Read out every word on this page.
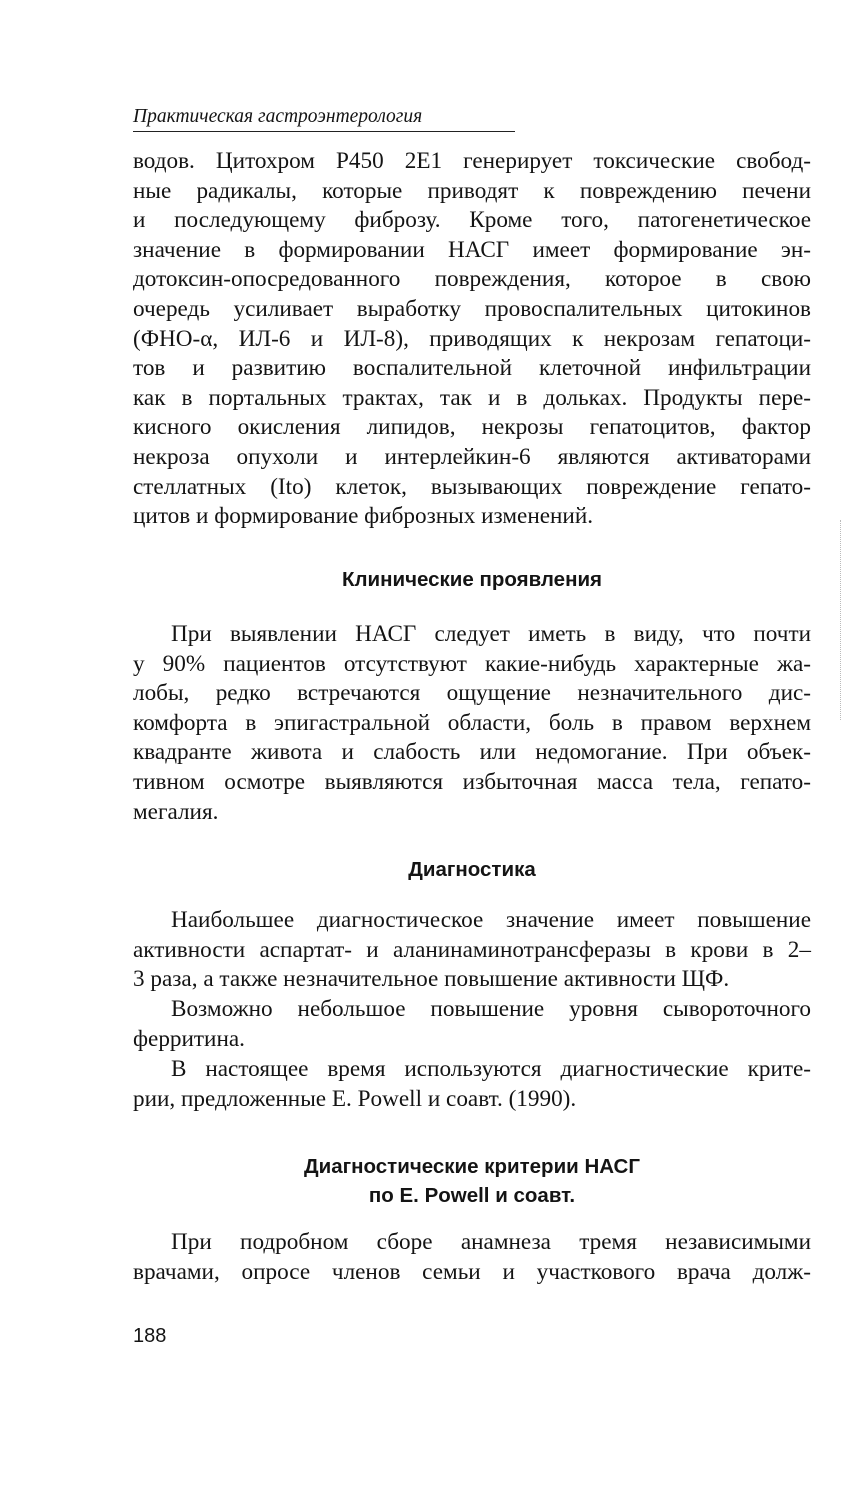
Практическая гастроэнтерология
водов. Цитохром Р450 2Е1 генерирует токсические свобод-
ные радикалы, которые приводят к повреждению печени
и последующему фиброзу. Кроме того, патогенетическое
значение в формировании НАСГ имеет формирование эн-
дотоксин-опосредованного повреждения, которое в свою
очередь усиливает выработку провоспалительных цитокинов
(ФНО-α, ИЛ-6 и ИЛ-8), приводящих к некрозам гепатоци-
тов и развитию воспалительной клеточной инфильтрации
как в портальных трактах, так и в дольках. Продукты пере-
кисного окисления липидов, некрозы гепатоцитов, фактор
некроза опухоли и интерлейкин-6 являются активаторами
стеллатных (Ito) клеток, вызывающих повреждение гепато-
цитов и формирование фиброзных изменений.
Клинические проявления
При выявлении НАСГ следует иметь в виду, что почти
у 90% пациентов отсутствуют какие-нибудь характерные жа-
лобы, редко встречаются ощущение незначительного дис-
комфорта в эпигастральной области, боль в правом верхнем
квадранте живота и слабость или недомогание. При объек-
тивном осмотре выявляются избыточная масса тела, гепато-
мегалия.
Диагностика
Наибольшее диагностическое значение имеет повышение
активности аспартат- и аланинаминотрансферазы в крови в 2–
3 раза, а также незначительное повышение активности ЩФ.
Возможно небольшое повышение уровня сывороточного
ферритина.
В настоящее время используются диагностические крите-
рии, предложенные E. Powell и соавт. (1990).
Диагностические критерии НАСГ
по E. Powell и соавт.
При подробном сборе анамнеза тремя независимыми
врачами, опросе членов семьи и участкового врача долж-
188
